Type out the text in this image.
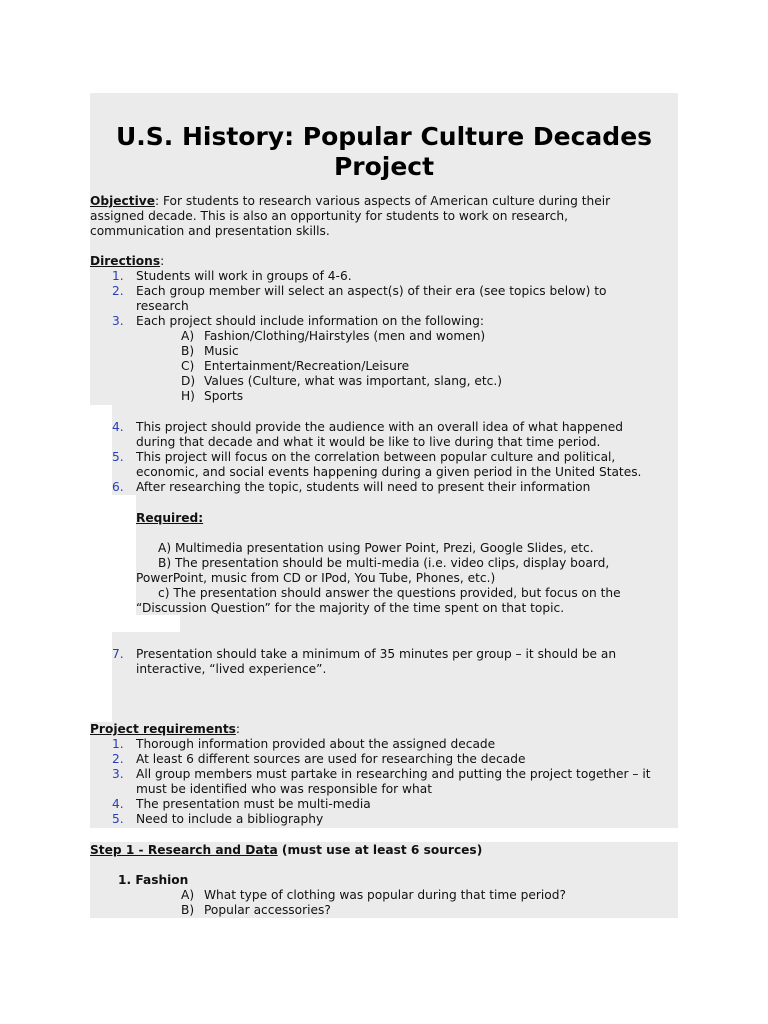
U.S. History: Popular Culture Decades
Project
Objective: For students to research various aspects of American culture during their
assigned decade. This is also an opportunity for students to work on research,
communication and presentation skills.
Directions:
1. Students will work in groups of 4-6.
2. Each group member will select an aspect(s) of their era (see topics below) to
research
3. Each project should include information on the following:
A) Fashion/Clothing/Hairstyles (men and women)
B) Music
C) Entertainment/Recreation/Leisure
D) Values (Culture, what was important, slang, etc.)
H) Sports
4. This project should provide the audience with an overall idea of what happened
during that decade and what it would be like to live during that time period.
5. This project will focus on the correlation between popular culture and political,
economic, and social events happening during a given period in the United States.
6. After researching the topic, students will need to present their information
Required:
A) Multimedia presentation using Power Point, Prezi, Google Slides, etc.
B) The presentation should be multi-media (i.e. video clips, display board,
PowerPoint, music from CD or IPod, You Tube, Phones, etc.)
c) The presentation should answer the questions provided, but focus on the
“Discussion Question” for the majority of the time spent on that topic.
7. Presentation should take a minimum of 35 minutes per group – it should be an
interactive, “lived experience”.
Project requirements:
1. Thorough information provided about the assigned decade
2. At least 6 different sources are used for researching the decade
3. All group members must partake in researching and putting the project together – it
must be identified who was responsible for what
4. The presentation must be multi-media
5. Need to include a bibliography
Step 1 - Research and Data (must use at least 6 sources)
1. Fashion
A) What type of clothing was popular during that time period?
B) Popular accessories?
